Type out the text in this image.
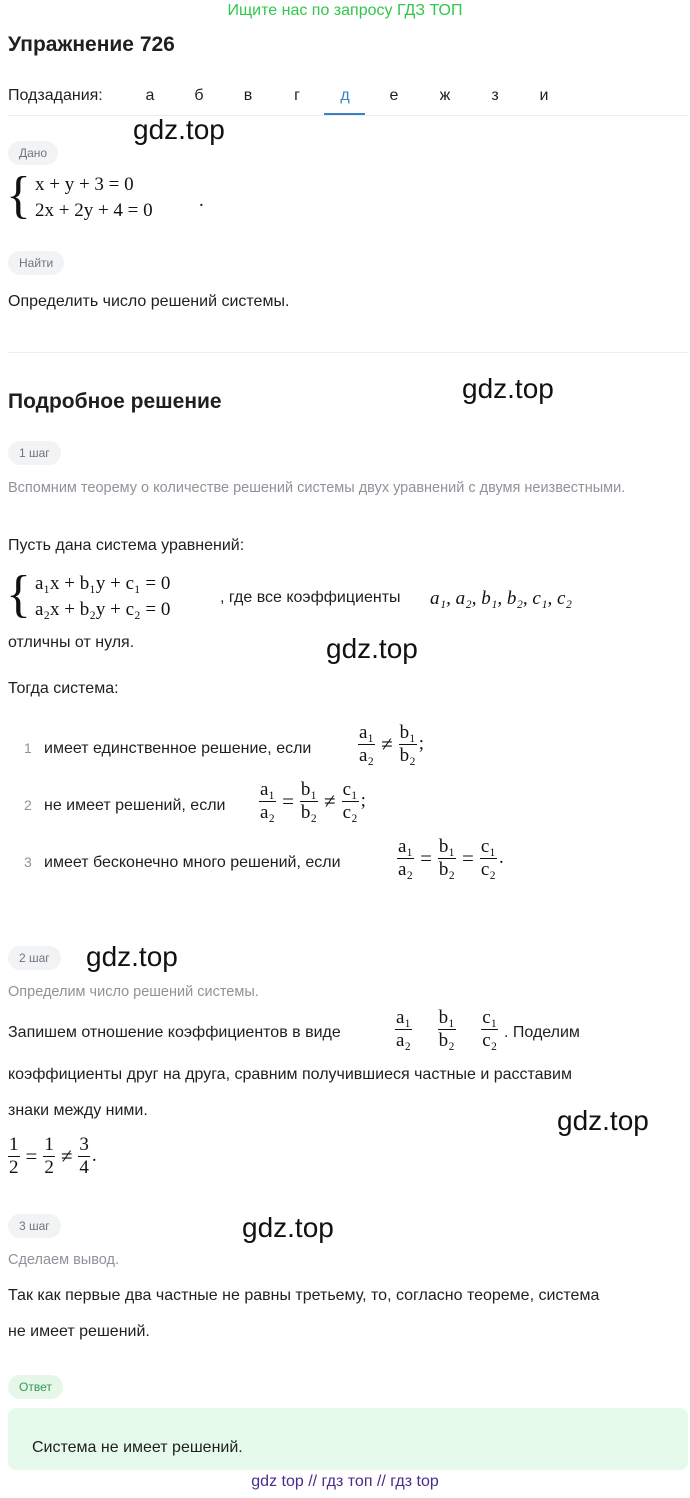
Ищите нас по запросу ГДЗ ТОП
Упражнение 726
Подзадания:	а	б	в	г	д	е	ж	з	и
gdz.top
gdz.top
gdz.top
gdz.top
gdz.top
gdz.top
Дано
{ x + y + 3 = 0
2x + 2y + 4 = 0 .
Найти
Определить число решений системы.
Подробное решение
1 шаг
Вспомним теорему о количестве решений системы двух уравнений с двумя неизвестными.
Пусть дана система уравнений:
{ a₁x + b₁y + c₁ = 0
a₂x + b₂y + c₂ = 0
, где все коэффициенты a₁, a₂, b₁, b₂, c₁, c₂
отличны от нуля.
Тогда система:
1 имеет единственное решение, если $\frac{\text{a₁}}{\text{a₂}} \ne \frac{\text{b₁}}{\text{b₂}}$ ;
2 не имеет решений, если $\frac{\text{a₁}}{\text{a₂}} = \frac{\text{b₁}}{\text{b₂}} \ne \frac{\text{c₁}}{\text{c₂}}$ ;
3 имеет бесконечно много решений, если	$\frac{\text{a₁}}{\text{a₂}} = \frac{\text{b₁}}{\text{b₂}} = \frac{\text{c₁}}{\text{c₂}}$ .
2 шаг
Определим число решений системы.
Запишем отношение коэффициентов в виде	$\frac{\text{a₁}}{\text{a₂}}$
$\frac{\text{b₁}}{\text{b₂}}$
$\frac{\text{c₁}}{\text{c₂}}$ . Поделим
коэффициенты друг на друга, сравним получившиеся частные и расставим
знаки между ними.
$\frac{1}{2} = \frac{1}{2} \ne \frac{3}{4}$ .
3 шаг
Сделаем вывод.
Так как первые два частные не равны третьему, то, согласно теореме, система
не имеет решений.
Ответ
Система не имеет решений.
gdz top // гдз топ // гдз top
